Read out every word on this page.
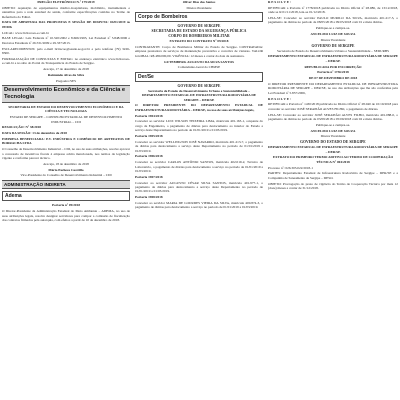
PREGÃO ELETRÔNICO N.º 179/2019
OBJETO: Aquisição de equipamentos médico-hospitalares, mobiliário, instrumentais e utensílios para a rede estadual de saúde, conforme especificações contidas no Termo de Referência do Edital.
DATA DE ABERTURA DAS PROPOSTAS E SESSÃO DE DISPUTA: 04/01/2019 às 09:00h
LOCAL: www.licitacoes-e.com.br
BASE LEGAL: Leis Federais nº 10.520/2002 e 8.666/1993, Lei Estadual nº 5.848/2006 e Decretos Estaduais nº 26.531/2009 e 29.337/2013.
ESCLARECIMENTOS: pelo e-mail licitacao@saude.se.gov.br e pelo telefone (79) 3226-8300.
FORMALIZAÇÃO DE CONSULTAS E EDITAL: no endereço eletrônico www.licitacoes-e.com.br e no sítio do Portal da Transparência do Estado de Sergipe.
Aracaju, 17 de dezembro de 2018
Raimundo Alves da Silva
Pregoeiro/SES
Desenvolvimento Econômico e da Ciência e Tecnologia
SECRETARIA DE ESTADO DO DESENVOLVIMENTO ECONÔMICO E DA CIÊNCIA E TECNOLOGIA
ESTADO DE SERGIPE – CONSELHO ESTADUAL DE DESENVOLVIMENTO INDUSTRIAL – CDI
RESOLUÇÃO: Nº 38/2018
DATA DA SESSÃO: 13 de dezembro de 2018
EMPRESA BENEFICIADA: P.V. INDÚSTRIA E COMÉRCIO DE ARTEFATOS DE BORRACHA LTDA
O Conselho de Desenvolvimento Industrial – CDI, no uso de suas atribuições, resolve aprovar a concessão de incentivos fiscais à empresa acima mencionada, nos termos da legislação vigente e conforme parecer técnico.
Aracaju, 18 de dezembro de 2018
Mário Pacheco Castrillo
Vice-Presidente do Conselho de Desenvolvimento Industrial – CDI
ADMINISTRAÇÃO INDIRETA
Adema
Portaria nº 09/2018
O Diretor-Presidente da Administração Estadual do Meio Ambiente – ADEMA, no uso de suas atribuições legais, resolve designar servidores para compor a comissão de fiscalização dos contratos firmados pela autarquia, com efeitos a partir de 10 de dezembro de 2018.
Oliver Dias dos Santos
Diretor-Presidente
Corpo de Bombeiros
GOVERNO DE SERGIPE
SECRETARIA DE ESTADO DA SEGURANÇA PÚBLICA
CORPO DE BOMBEIROS MILITAR
EXTRATO DO CONTRATO Nº 09/2018
CONTRATANTE: Corpo de Bombeiros Militar do Estado de Sergipe. CONTRATADA: empresa prestadora de serviços de manutenção preventiva e corretiva de viaturas. VALOR GLOBAL: R$ 480.000,00. VIGÊNCIA: 12 meses a contar da data da assinatura.
GUTEMBERG AUGUSTO DA SILVA SANTOS
Comandante-Geral do CBMSE
Der/Se
GOVERNO DE SERGIPE
Secretaria de Estado do Desenvolvimento Urbano e Sustentabilidade – DEPARTAMENTO ESTADUAL DE INFRAESTRUTURA RODOVIÁRIA DE SERGIPE – DER/SE
O DIRETOR PRESIDENTE DO DEPARTAMENTO ESTADUAL DE INFRAESTRUTURA RODOVIÁRIA – DER/SE, no uso de suas atribuições legais,
Portaria 1904/2018
Conceder ao servidor LUIZ WILSON TEIXEIRA LIMA, matrícula 401.163-1, ocupante do cargo de Engenheiro, o pagamento de diárias para deslocamento ao interior do Estado a serviço deste Departamento no período de 01/01/2019 a 01/03/2019.
Portaria 1905/2018
Conceder ao servidor WELLINGTON JOSÉ NAVARRO, matrícula 401.213-7, o pagamento de diárias para deslocamento a serviço deste Departamento no período de 01/01/2019 a 01/03/2019.
Portaria 1906/2018
Conceder ao servidor CARLOS ANTÔNIO SANTOS, matrícula 402.019-2, Técnico de Laboratório, o pagamento de diárias para deslocamento a serviço no período de 01/01/2019 a 01/03/2019.
Portaria 1907/2018
Conceder ao servidor AUGUSTO CÉSAR SILVA SANTOS, matrícula 401.977-1, o pagamento de diárias para deslocamento a serviço deste Departamento no período de 01/01/2019 a 01/03/2019.
Portaria 1908/2018
Conceder ao servidor MARIA DE LOURDES VIEIRA DA SILVA, matrícula 400.874-3, o pagamento de diárias para deslocamento a serviço no período de 01/01/2019 a 01/03/2019.
R E S O L V E :
RETIFICAR a Portaria nº 1778/2018 publicada no Diário Oficial nº 28.086, de 13/12/2018, onde se lê 01/11/2018, leia-se 01/12/2018.
LEIA-SE: Conceder ao servidor PAULO MURILO DA SILVA, matrícula 401.217-5, o pagamento de diárias no período de 08/05/2018 a 09/05/2018 com 01 e meia diárias.
Publique-se e cumpra-se.
ANCELMO LUIZ DE SOUZA
Diretor Presidente
GOVERNO DE SERGIPE
Secretaria de Estado do Desenvolvimento Urbano e Sustentabilidade – SEDURBS
DEPARTAMENTO ESTADUAL DE INFRAESTRUTURA RODOVIÁRIA DE SERGIPE – DER/SE
REPUBLICADA POR INCORREÇÃO
Portaria nº 1736/2018
DE 07 DE DEZEMBRO DE 2018
O DIRETOR PRESIDENTE DO DEPARTAMENTO ESTADUAL DE INFRAESTRUTURA RODOVIÁRIA DE SERGIPE – DER/SE, no uso das atribuições que lhe são conferidas pela Lei Estadual nº 5.857/2006,
R E S O L V E :
RETIFICAR a Portaria nº 1430/2018 publicada no Diário Oficial nº 28.040 de 10/10/2018 para conceder ao servidor JOSÉ SERAPIÃO ALVES FILHO, o pagamento de diárias.
LEIA-SE: Conceder ao servidor JOSÉ SERAPIÃO ALVES FILHO, matrícula 401.088-0, o pagamento de diárias no período de 03/09/2018 a 05/09/2018 com 02 e meia diárias.
Publique-se e cumpra-se.
ANCELMO LUIZ DE SOUZA
Diretor Presidente
GOVERNO DO ESTADO DE SERGIPE
DEPARTAMENTO ESTADUAL DE INFRAESTRUTURA RODOVIÁRIA DE SERGIPE – DER/SE
EXTRATO DO PRIMEIRO TERMO ADITIVO AO TERMO DE COOPERAÇÃO TÉCNICA Nº 004/2018
Processo nº: 026.303.022/2018-1
PARTES: Departamento Estadual de Infraestrutura Rodoviária de Sergipe – DER/SE e a Companhia de Saneamento de Sergipe – DESO.
OBJETO: Prorrogação do prazo de vigência do Termo de Cooperação Técnica por mais 12 (doze) meses a contar de 31/12/2018.
